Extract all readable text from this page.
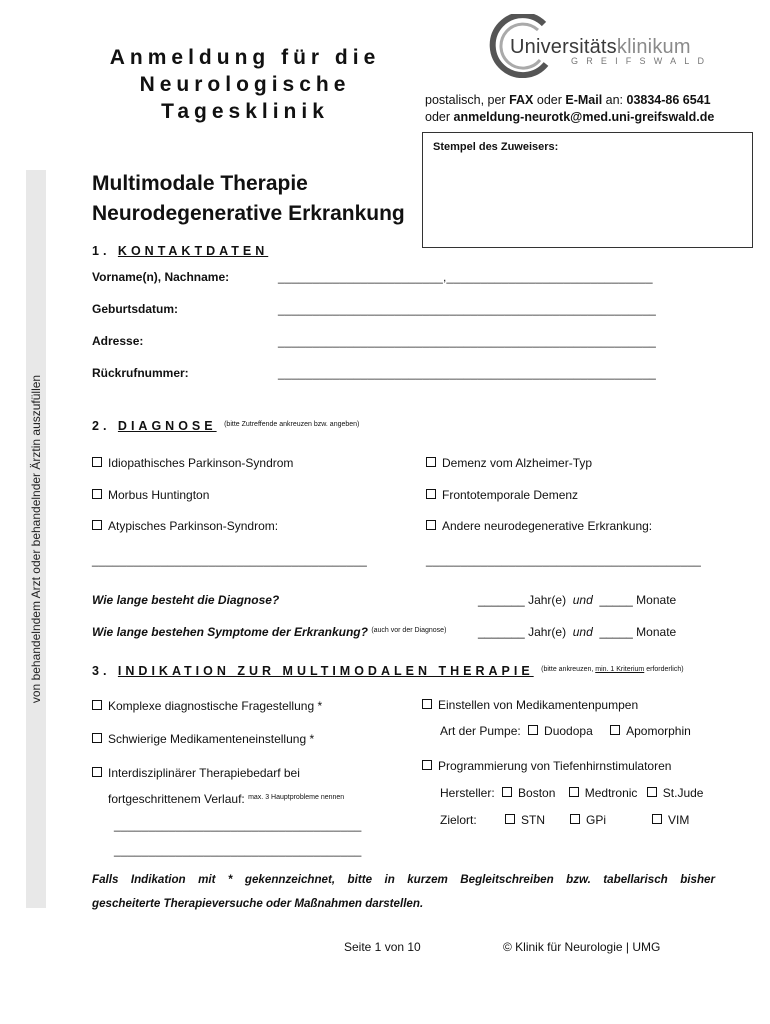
Anmeldung für die
Neurologische
Tagesklinik
Universitätsklinikum
GREIFSWALD
postalisch, per FAX oder E-Mail an: 03834-86 6541
oder anmeldung-neurotk@med.uni-greifswald.de
Stempel des Zuweisers:
Multimodale Therapie
Neurodegenerative Erkrankung
von behandelndem Arzt oder behandelnder Ärztin auszufüllen
1. KONTAKTDATEN
Vorname(n), Nachname:	________________________,______________________________
Geburtsdatum:	_______________________________________________________
Adresse:	_______________________________________________________
Rückrufnummer:	_______________________________________________________
2. DIAGNOSE $^{(bitte Zutreffende ankreuzen bzw. angeben)}$
Idiopathisches Parkinson-Syndrom
Morbus Huntington
Atypisches Parkinson-Syndrom:
Demenz vom Alzheimer-Typ
Frontotemporale Demenz
Andere neurodegenerative Erkrankung:
________________________________________	________________________________________
Wie lange besteht die Diagnose?	_______ Jahr(e) und _____ Monate
Wie lange bestehen Symptome der Erkrankung? $^{(auch vor der Diagnose)}$	_______ Jahr(e) und _____ Monate
3. INDIKATION ZUR MULTIMODALEN THERAPIE $^{(bitte ankreuzen, min. 1 Kriterium erforderlich)}$
Komplexe diagnostische Fragestellung *
Schwierige Medikamenteneinstellung *
Interdisziplinärer Therapiebedarf bei
fortgeschrittenem Verlauf: $^{max. 3 Hauptprobleme nennen}$
____________________________________
____________________________________
Einstellen von Medikamentenpumpen
Art der Pumpe: Duodopa	Apomorphin
Programmierung von Tiefenhirnstimulatoren
Hersteller: Boston Medtronic St.Jude
Zielort:	STN	GPi	VIM
Falls Indikation mit * gekennzeichnet, bitte in kurzem Begleitschreiben bzw. tabellarisch bisher
gescheiterte Therapieversuche oder Maßnahmen darstellen.
Seite 1 von 10	© Klinik für Neurologie | UMG
